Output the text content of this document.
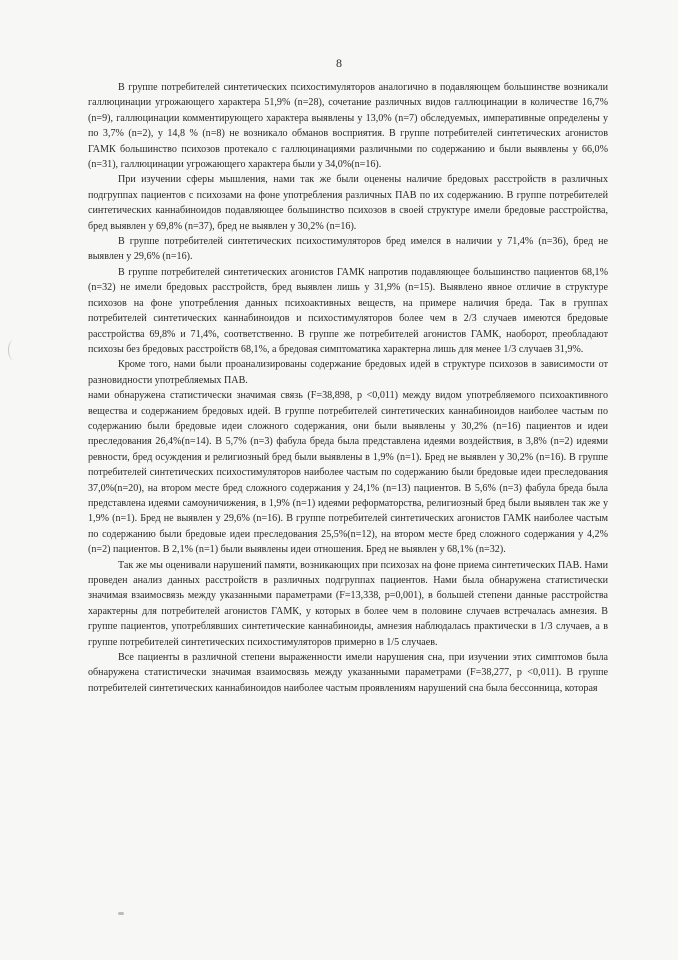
8

В группе потребителей синтетических психостимуляторов аналогично в подавляющем большинстве возникали галлюцинации угрожающего характера 51,9% (n=28), сочетание различных видов галлюцинации в количестве 16,7% (n=9), галлюцинации комментирующего характера выявлены у 13,0% (n=7) обследуемых, императивные определены у по 3,7% (n=2), у 14,8 % (n=8) не возникало обманов восприятия. В группе потребителей синтетических агонистов ГАМК большинство психозов протекало с галлюцинациями различными по содержанию и были выявлены у 66,0% (n=31), галлюцинации угрожающего характера были у 34,0%(n=16).

При изучении сферы мышления, нами так же были оценены наличие бредовых расстройств в различных подгруппах пациентов с психозами на фоне употребления различных ПАВ по их содержанию. В группе потребителей синтетических каннабиноидов подавляющее большинство психозов в своей структуре имели бредовые расстройства, бред выявлен у 69,8% (n=37), бред не выявлен у 30,2% (n=16).

В группе потребителей синтетических психостимуляторов бред имелся в наличии у 71,4% (n=36), бред не выявлен у 29,6% (n=16).

В группе потребителей синтетических агонистов ГАМК напротив подавляющее большинство пациентов 68,1% (n=32) не имели бредовых расстройств, бред выявлен лишь у 31,9% (n=15). Выявлено явное отличие в структуре психозов на фоне употребления данных психоактивных веществ, на примере наличия бреда. Так в группах потребителей синтетических каннабиноидов и психостимуляторов более чем в 2/3 случаев имеются бредовые расстройства 69,8% и 71,4%, соответственно. В группе же потребителей агонистов ГАМК, наоборот, преобладают психозы без бредовых расстройств 68,1%, а бредовая симптоматика характерна лишь для менее 1/3 случаев 31,9%.

Кроме того, нами были проанализированы содержание бредовых идей в структуре психозов в зависимости от разновидности употребляемых ПАВ.

нами обнаружена статистически значимая связь (F=38,898, p <0,011) между видом употребляемого психоактивного вещества и содержанием бредовых идей. В группе потребителей синтетических каннабиноидов наиболее частым по содержанию были бредовые идеи сложного содержания, они были выявлены у 30,2% (n=16) пациентов и идеи преследования 26,4%(n=14). В 5,7% (n=3) фабула бреда была представлена идеями воздействия, в 3,8% (n=2) идеями ревности, бред осуждения и религиозный бред были выявлены в 1,9% (n=1). Бред не выявлен у 30,2% (n=16). В группе потребителей синтетических психостимуляторов наиболее частым по содержанию были бредовые идеи преследования 37,0%(n=20), на втором месте бред сложного содержания у 24,1% (n=13) пациентов. В 5,6% (n=3) фабула бреда была представлена идеями самоуничижения, в 1,9% (n=1) идеями реформаторства, религиозный бред были выявлен так же у 1,9% (n=1). Бред не выявлен у 29,6% (n=16). В группе потребителей синтетических агонистов ГАМК наиболее частым по содержанию были бредовые идеи преследования 25,5%(n=12), на втором месте бред сложного содержания у 4,2% (n=2) пациентов. В 2,1% (n=1) были выявлены идеи отношения. Бред не выявлен у 68,1% (n=32).

Так же мы оценивали нарушений памяти, возникающих при психозах на фоне приема синтетических ПАВ. Нами проведен анализ данных расстройств в различных подгруппах пациентов. Нами была обнаружена статистически значимая взаимосвязь между указанными параметрами (F=13,338, p=0,001), в большей степени данные расстройства характерны для потребителей агонистов ГАМК, у которых в более чем в половине случаев встречалась амнезия. В группе пациентов, употреблявших синтетические каннабиноиды, амнезия наблюдалась практически в 1/3 случаев, а в группе потребителей синтетических психостимуляторов примерно в 1/5 случаев.

Все пациенты в различной степени выраженности имели нарушения сна, при изучении этих симптомов была обнаружена статистически значимая взаимосвязь между указанными параметрами (F=38,277, p <0,011). В группе потребителей синтетических каннабиноидов наиболее частым проявлениям нарушений сна была бессонница, которая
